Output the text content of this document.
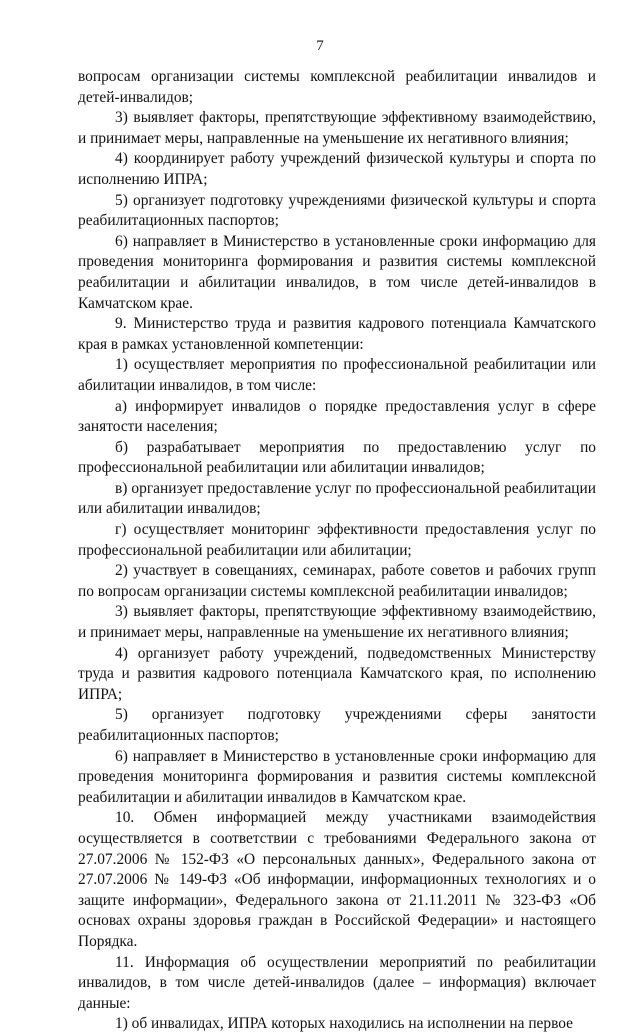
7

вопросам организации системы комплексной реабилитации инвалидов и детей-инвалидов;

3) выявляет факторы, препятствующие эффективному взаимодействию, и принимает меры, направленные на уменьшение их негативного влияния;

4) координирует работу учреждений физической культуры и спорта по исполнению ИПРА;

5) организует подготовку учреждениями физической культуры и спорта реабилитационных паспортов;

6) направляет в Министерство в установленные сроки информацию для проведения мониторинга формирования и развития системы комплексной реабилитации и абилитации инвалидов, в том числе детей-инвалидов в Камчатском крае.

9. Министерство труда и развития кадрового потенциала Камчатского края в рамках установленной компетенции:

1) осуществляет мероприятия по профессиональной реабилитации или абилитации инвалидов, в том числе:

а) информирует инвалидов о порядке предоставления услуг в сфере занятости населения;

б) разрабатывает мероприятия по предоставлению услуг по профессиональной реабилитации или абилитации инвалидов;

в) организует предоставление услуг по профессиональной реабилитации или абилитации инвалидов;

г) осуществляет мониторинг эффективности предоставления услуг по профессиональной реабилитации или абилитации;

2) участвует в совещаниях, семинарах, работе советов и рабочих групп по вопросам организации системы комплексной реабилитации инвалидов;

3) выявляет факторы, препятствующие эффективному взаимодействию, и принимает меры, направленные на уменьшение их негативного влияния;

4) организует работу учреждений, подведомственных Министерству труда и развития кадрового потенциала Камчатского края, по исполнению ИПРА;

5) организует подготовку учреждениями сферы занятости реабилитационных паспортов;

6) направляет в Министерство в установленные сроки информацию для проведения мониторинга формирования и развития системы комплексной реабилитации и абилитации инвалидов в Камчатском крае.

10. Обмен информацией между участниками взаимодействия осуществляется в соответствии с требованиями Федерального закона от 27.07.2006 № 152-ФЗ «О персональных данных», Федерального закона от 27.07.2006 № 149-ФЗ «Об информации, информационных технологиях и о защите информации», Федерального закона от 21.11.2011 № 323-ФЗ «Об основах охраны здоровья граждан в Российской Федерации» и настоящего Порядка.

11. Информация об осуществлении мероприятий по реабилитации инвалидов, в том числе детей-инвалидов (далее – информация) включает данные:

1) об инвалидах, ИПРА которых находились на исполнении на первое
